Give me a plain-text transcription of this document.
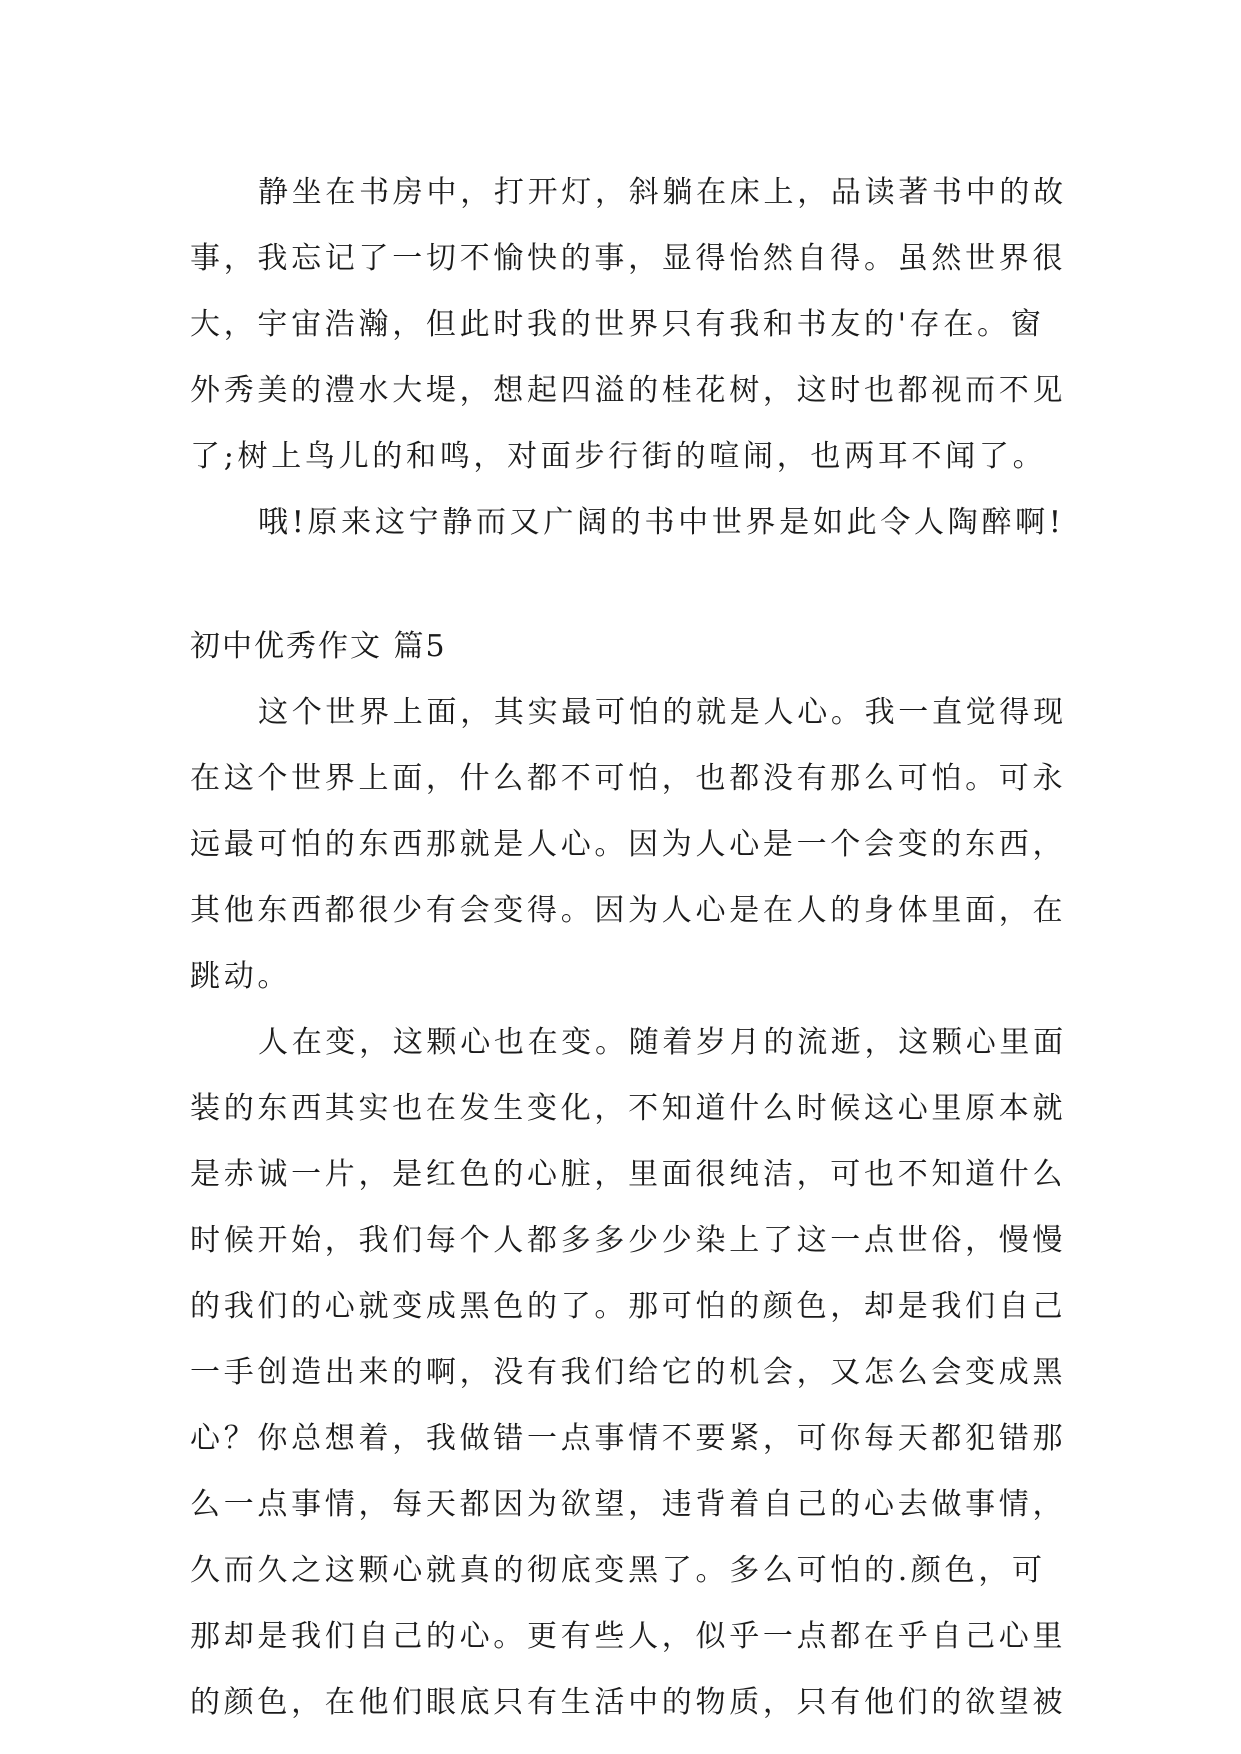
静坐在书房中，打开灯，斜躺在床上，品读著书中的故
事，我忘记了一切不愉快的事，显得怡然自得。虽然世界很
大，宇宙浩瀚，但此时我的世界只有我和书友的'存在。窗
外秀美的澧水大堤，想起四溢的桂花树，这时也都视而不见
了;树上鸟儿的和鸣，对面步行街的喧闹，也两耳不闻了。
哦!原来这宁静而又广阔的书中世界是如此令人陶醉啊!
初中优秀作文 篇5
这个世界上面，其实最可怕的就是人心。我一直觉得现
在这个世界上面，什么都不可怕，也都没有那么可怕。可永
远最可怕的东西那就是人心。因为人心是一个会变的东西，
其他东西都很少有会变得。因为人心是在人的身体里面，在
跳动。
人在变，这颗心也在变。随着岁月的流逝，这颗心里面
装的东西其实也在发生变化，不知道什么时候这心里原本就
是赤诚一片，是红色的心脏，里面很纯洁，可也不知道什么
时候开始，我们每个人都多多少少染上了这一点世俗，慢慢
的我们的心就变成黑色的了。那可怕的颜色，却是我们自己
一手创造出来的啊，没有我们给它的机会，又怎么会变成黑
心？你总想着，我做错一点事情不要紧，可你每天都犯错那
么一点事情，每天都因为欲望，违背着自己的心去做事情，
久而久之这颗心就真的彻底变黑了。多么可怕的.颜色，可
那却是我们自己的心。更有些人，似乎一点都在乎自己心里
的颜色，在他们眼底只有生活中的物质，只有他们的欲望被
